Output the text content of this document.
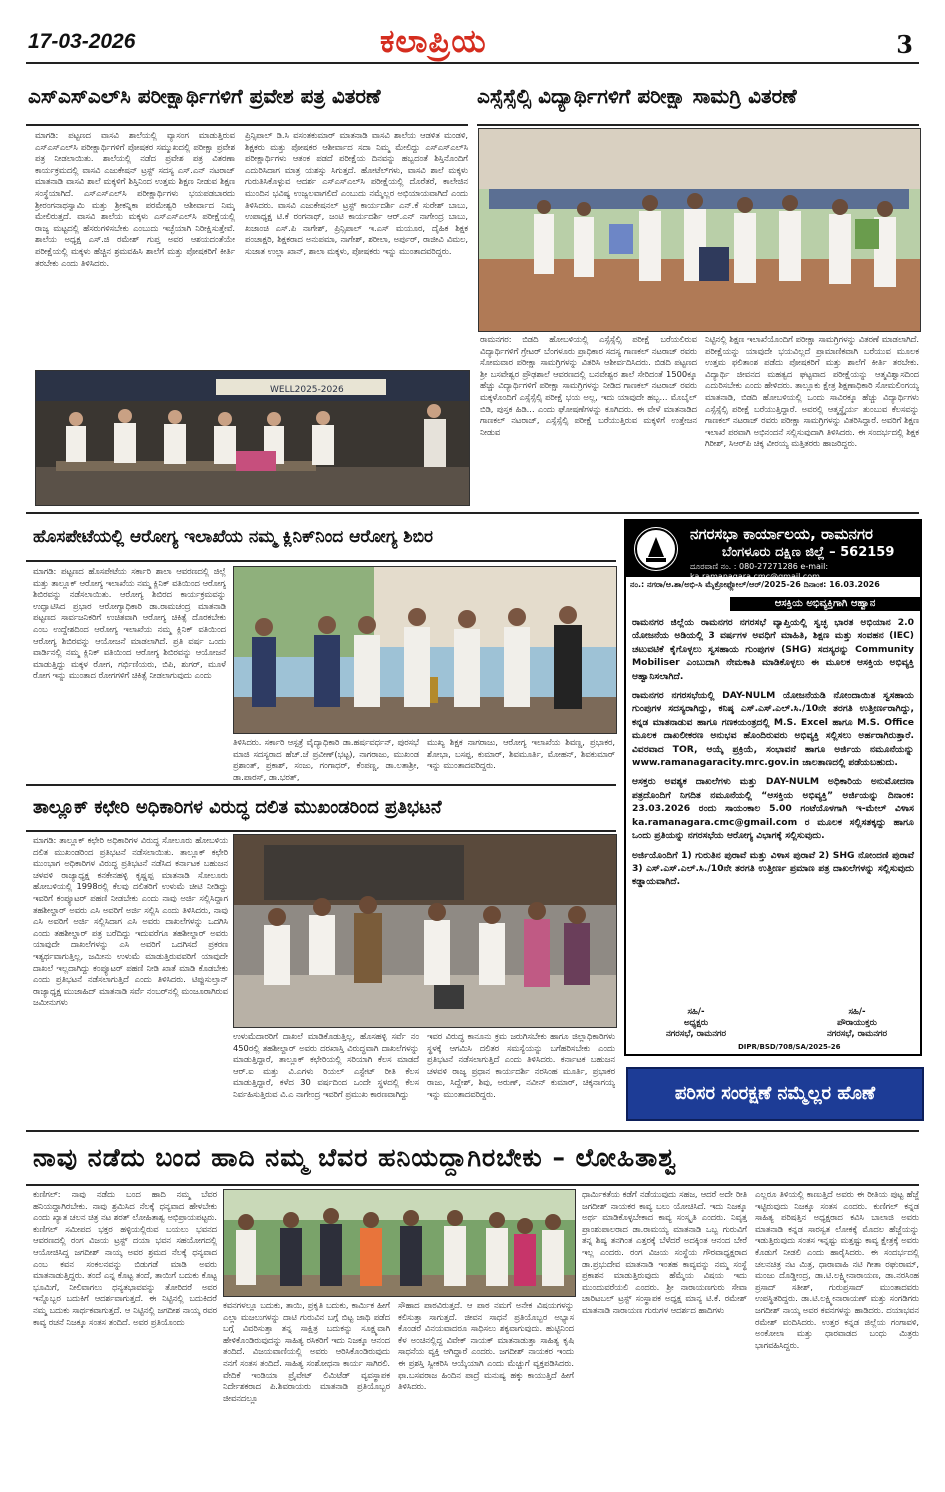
17-03-2026	ಕಲಾಪ್ರಿಯ	3
ಎಸ್‌ಎಸ್‌ಎಲ್‌ಸಿ ಪರೀಕ್ಷಾರ್ಥಿಗಳಿಗೆ ಪ್ರವೇಶ ಪತ್ರ ವಿತರಣೆ
ಮಾಗಡಿ: ಪಟ್ಟಣದ ವಾಸವಿ ಶಾಲೆಯಲ್ಲಿ ವ್ಯಾಸಂಗ ಮಾಡುತ್ತಿರುವ ಎಸ್‌ಎಸ್‌ಎಲ್‌ಸಿ ಪರೀಕ್ಷಾರ್ಥಿಗಳಿಗೆ ಪೋಷಕರ ಸಮ್ಮುಖದಲ್ಲಿ ಪರೀಕ್ಷಾ ಪ್ರವೇಶ ಪತ್ರ ನೀಡಲಾಯಿತು. ಶಾಲೆಯಲ್ಲಿ ನಡೆದ ಪ್ರವೇಶ ಪತ್ರ ವಿತರಣಾ ಕಾರ್ಯಕ್ರಮದಲ್ಲಿ ವಾಸವಿ ಎಜುಕೇಷನ್ ಟ್ರಸ್ಟ್ ಸದಸ್ಯ ಎಸ್.ಎನ್ ನಟರಾಜ್ ಮಾತನಾಡಿ ವಾಸವಿ ಶಾಲೆ ಮಕ್ಕಳಿಗೆ ಶಿಸ್ತಿನಿಂದ ಉತ್ತಮ ಶಿಕ್ಷಣ ನೀಡುವ ಶಿಕ್ಷಣ ಸಂಸ್ಥೆಯಾಗಿದೆ. ಎಸ್‌ಎಸ್‌ಎಲ್‌ಸಿ ಪರೀಕ್ಷಾರ್ಥಿಗಳು ಭಯಪಡಬಾರದು ಶ್ರೀರಂಗನಾಥಸ್ವಾಮಿ ಮತ್ತು ಶ್ರೀಕನ್ನಿಕಾ ಪರಮೇಶ್ವರಿ ಆಶೀರ್ವಾದ ನಿಮ್ಮ ಮೇಲಿರುತ್ತದೆ. ವಾಸವಿ ಶಾಲೆಯ ಮಕ್ಕಳು ಎಸ್‌ಎಸ್‌ಎಲ್‌ಸಿ ಪರೀಕ್ಷೆಯಲ್ಲಿ ರಾಜ್ಯ ಮಟ್ಟದಲ್ಲಿ ಹೆಸರುಗಳಿಸಬೇಕು ಎಂಬುದು ಇಚ್ಛೆಯಾಗಿ ನಿರೀಕ್ಷಿಸುತ್ತೇವೆ. ಶಾಲೆಯ ಅಧ್ಯಕ್ಷ ಎಸ್.ಜಿ ರಮೇಶ್ ಗುಪ್ತ ಅವರ ಆಶಯದಂತೆಯೇ ಪರೀಕ್ಷೆಯಲ್ಲಿ ಮಕ್ಕಳು ಹೆಚ್ಚಿನ ಶ್ರಮವಹಿಸಿ ಶಾಲೆಗೆ ಮತ್ತು ಪೋಷಕರಿಗೆ ಕೀರ್ತಿ ತರಬೇಕು ಎಂದು ತಿಳಿಸಿದರು.
ಪ್ರಿನ್ಸಿಪಾಲ್ ಡಿ.ಸಿ ವಸಂತಕುಮಾರ್ ಮಾತನಾಡಿ ವಾಸವಿ ಶಾಲೆಯ ಆಡಳಿತ ಮಂಡಳಿ, ಶಿಕ್ಷಕರು ಮತ್ತು ಪೋಷಕರ ಆಶೀರ್ವಾದ ಸದಾ ನಿಮ್ಮ ಮೇಲಿದ್ದು ಎಸ್‌ಎಸ್‌ಎಲ್‌ಸಿ ಪರೀಕ್ಷಾರ್ಥಿಗಳು ಆತಂಕ ಪಡದೆ ಪರೀಕ್ಷೆಯ ದಿನವನ್ನು ಹಬ್ಬದಂತೆ ಶಿಸ್ತಿನೊಂದಿಗೆ ಎದುರಿಸಿದಾಗ ಮಾತ್ರ ಯಶಸ್ಸು ಸಿಗುತ್ತದೆ. ಹೋಟೆಲ್‌ಗಳು, ವಾಸವಿ ಶಾಲೆ ಮಕ್ಕಳು ಗುರುತಿಸಿಕೊಳ್ಳುವ ಆದರ್ಶ ಎಸ್‌ಎಸ್‌ಎಲ್‌ಸಿ ಪರೀಕ್ಷೆಯಲ್ಲಿ ದೊರೆತರೆ, ಕಾಲೇಜಿನ ಮುಂದಿನ ಭವಿಷ್ಯ ಉಜ್ವಲವಾಗಲಿದೆ ಎಂಬುದು ನಮ್ಮೆಲ್ಲರ ಅಭಿಯಾಯವಾಗಿದೆ ಎಂದು ತಿಳಿಸಿದರು. ವಾಸವಿ ಎಜುಕೇಷನಲ್ ಟ್ರಸ್ಟ್ ಕಾರ್ಯದರ್ಶಿ ಎನ್.ಕೆ ಸುರೇಶ್ ಬಾಬು, ಉಪಾಧ್ಯಕ್ಷ ಟಿ.ಕೆ ರಂಗನಾಥ್, ಜಂಟಿ ಕಾರ್ಯದರ್ಶಿ ಆರ್.ಎನ್ ನಾಗೇಂದ್ರ ಬಾಬು, ಖಜಾಂಚಿ ಎಸ್.ಪಿ ನಾಗೇಶ್, ಪ್ರಿನ್ಸಿಪಾಲ್ ಇ.ಎಸ್ ಮಯೂರ, ದೈಹಿಕ ಶಿಕ್ಷಕ ಪಂಚಾಕ್ಷರಿ, ಶಿಕ್ಷಕರಾದ ಅನುಪಮಾ, ನಾಗೇಶ್, ಶರೀಲಾ, ಅರ್ಪುರ್, ರಾಜೀವಿ ವಿಮಲ, ಸುಜಾತ ಉಲ್ಲಾ ಖಾನ್, ಶಾಲಾ ಮಕ್ಕಳು, ಪೋಷಕರು ಇನ್ನು ಮುಂತಾದವರಿದ್ದರು.
WELL2025-2026
ಎಸ್ಸೆಸ್ಸೆಲ್ಸಿ ವಿದ್ಯಾರ್ಥಿಗಳಿಗೆ ಪರೀಕ್ಷಾ ಸಾಮಗ್ರಿ ವಿತರಣೆ
ರಾಮನಗರ: ಬಿಡದಿ ಹೋಬಳಿಯಲ್ಲಿ ಎಸ್ಸೆಸ್ಸೆಲ್ಸಿ ಪರೀಕ್ಷೆ ಬರೆಯಲಿರುವ ವಿದ್ಯಾರ್ಥಿಗಳಿಗೆ ಗ್ರೇಟರ್ ಬೆಂಗಳೂರು ಪ್ರಾಧಿಕಾರ ಸದಸ್ಯ ಗಾಣಕಲ್ ನಟರಾಜ್ ರವರು ಸೋಮವಾರ ಪರೀಕ್ಷಾ ಸಾಮಗ್ರಿಗಳನ್ನು ವಿತರಿಸಿ ಆಶೀರ್ವದಿಸಿದರು. ಬಿಡದಿ ಪಟ್ಟಣದ ಶ್ರೀ ಬಸವೇಶ್ವರ ಪ್ರೌಢಶಾಲೆ ಆವರಣದಲ್ಲಿ ಬನವೇಶ್ವರ ಶಾಲೆ ಸೇರಿದಂತೆ 1500ಕ್ಕೂ ಹೆಚ್ಚು ವಿದ್ಯಾರ್ಥಿಗಳಿಗೆ ಪರೀಕ್ಷಾ ಸಾಮಗ್ರಿಗಳನ್ನು ನೀಡಿದ ಗಾಣಕಲ್ ನಟರಾಜ್ ರವರು ಮಕ್ಕಳೊಂದಿಗೆ ಎಸ್ಸೆಸ್ಸೆಲ್ಸಿ ಪರೀಕ್ಷೆ ಭಯ ಅಲ್ಲ, ಇದು ಯಾವುದೇ ಹಬ್ಬ... ಮೊಬೈಲ್ ಬಿಡಿ, ಪುಸ್ತಕ ಹಿಡಿ... ಎಂದು ಘೋಷಣೆಗಳನ್ನು ಕೂಗಿದರು. ಈ ವೇಳೆ ಮಾತನಾಡಿದ ಗಾಣಕಲ್ ನಟರಾಜ್, ಎಸ್ಸೆಸ್ಸೆಲ್ಸಿ ಪರೀಕ್ಷೆ ಬರೆಯುತ್ತಿರುವ ಮಕ್ಕಳಿಗೆ ಉತ್ತೇಜನ ನೀಡುವ
ನಿಟ್ಟಿನಲ್ಲಿ ಶಿಕ್ಷಣ ಇಲಾಖೆಯೊಂದಿಗೆ ಪರೀಕ್ಷಾ ಸಾಮಗ್ರಿಗಳನ್ನು ವಿತರಣೆ ಮಾಡಲಾಗಿದೆ. ಪರೀಕ್ಷೆಯನ್ನು ಯಾವುದೇ ಭಯವಿಲ್ಲದೆ ಪ್ರಾಮಾಣಿಕವಾಗಿ ಬರೆಯುವ ಮೂಲಕ ಉತ್ತಮ ಫಲಿತಾಂಶ ಪಡೆದು ಪೋಷಕರಿಗೆ ಮತ್ತು ಶಾಲೆಗೆ ಕೀರ್ತಿ ತರಬೇಕು. ವಿದ್ಯಾರ್ಥಿ ಜೀವನದ ಮಹತ್ವದ ಘಟ್ಟವಾದ ಪರೀಕ್ಷೆಯನ್ನು ಆತ್ಮವಿಶ್ವಾಸದಿಂದ ಎದುರಿಸಬೇಕು ಎಂದು ಹೇಳಿದರು. ತಾಲ್ಲೂಕು ಕ್ಷೇತ್ರ ಶಿಕ್ಷಣಾಧಿಕಾರಿ ಸೋಮಲಿಂಗಯ್ಯ ಮಾತನಾಡಿ, ಬಿಡದಿ ಹೋಬಳಿಯಲ್ಲಿ ಒಂದು ಸಾವಿರಕ್ಕೂ ಹೆಚ್ಚು ವಿದ್ಯಾರ್ಥಿಗಳು ಎಸ್ಸೆಸ್ಸೆಲ್ಸಿ ಪರೀಕ್ಷೆ ಬರೆಯುತ್ತಿದ್ದಾರೆ. ಅವರಲ್ಲಿ ಆತ್ಮಸ್ಥೈರ್ಯ ತುಂಬುವ ಕೆಲಸವನ್ನು ಗಾಣಕಲ್ ನಟರಾಜ್ ರವರು ಪರೀಕ್ಷಾ ಸಾಮಗ್ರಿಗಳನ್ನು ವಿತರಿಸಿದ್ದಾರೆ. ಅವರಿಗೆ ಶಿಕ್ಷಣ ಇಲಾಖೆ ಪರವಾಗಿ ಅಭಿನಂದನೆ ಸಲ್ಲಿಸುವುದಾಗಿ ತಿಳಿಸಿದರು. ಈ ಸಂದರ್ಭದಲ್ಲಿ ಶಿಕ್ಷಕ ಗಿರೀಶ್, ಸಿಆರ್‌ಪಿ ಚಿಕ್ಕ ವೀರಯ್ಯ ಮತ್ತಿತರರು ಹಾಜರಿದ್ದರು.
ಹೊಸಪೇಟೆಯಲ್ಲಿ ಆರೋಗ್ಯ ಇಲಾಖೆಯ ನಮ್ಮ ಕ್ಲಿನಿಕ್‌ನಿಂದ ಆರೋಗ್ಯ ಶಿಬಿರ
ಮಾಗಡಿ: ಪಟ್ಟಣದ ಹೊಸಪೇಟೆಯ ಸರ್ಕಾರಿ ಶಾಲಾ ಆವರಣದಲ್ಲಿ ಜಿಲ್ಲೆ ಮತ್ತು ತಾಲ್ಲೂಕ್ ಆರೋಗ್ಯ ಇಲಾಖೆಯ ನಮ್ಮ ಕ್ಲಿನಿಕ್ ವತಿಯಿಂದ ಆರೋಗ್ಯ ಶಿಬಿರವನ್ನು ನಡೆಸಲಾಯಿತು. ಆರೋಗ್ಯ ಶಿಬಿರದ ಕಾರ್ಯಕ್ರಮವನ್ನು ಉದ್ಘಾಟಿಸಿದ ಪ್ರಭಾರ ಆರೋಗ್ಯಾಧಿಕಾರಿ ಡಾ.ರಾಮಚಂದ್ರ ಮಾತನಾಡಿ ಪಟ್ಟಣದ ಸಾರ್ವಜನಿಕರಿಗೆ ಉಚಿತವಾಗಿ ಆರೋಗ್ಯ ಚಿಕಿತ್ಸೆ ದೊರಕಬೇಕು ಎಂಬ ಉದ್ದೇಶದಿಂದ ಆರೋಗ್ಯ ಇಲಾಖೆಯ ನಮ್ಮ ಕ್ಲಿನಿಕ್ ವತಿಯಿಂದ ಆರೋಗ್ಯ ಶಿಬಿರವನ್ನು ಆಯೋಜನೆ ಮಾಡಲಾಗಿದೆ. ಪ್ರತಿ ವರ್ಷ ಒಂದು ವಾರ್ಡಿನಲ್ಲಿ ನಮ್ಮ ಕ್ಲಿನಿಕ್ ವತಿಯಿಂದ ಆರೋಗ್ಯ ಶಿಬಿರವನ್ನು ಆಯೋಜನೆ ಮಾಡುತ್ತಿದ್ದು ಮಕ್ಕಳ ರೋಗ, ಗರ್ಭಿಣಿಯರು, ಬಿಪಿ, ಶುಗರ್, ಮೂಳೆ ರೋಗ ಇನ್ನು ಮುಂತಾದ ರೋಗಗಳಿಗೆ ಚಿಕಿತ್ಸೆ ನೀಡಲಾಗುವುದು ಎಂದು
ತಿಳಿಸಿದರು. ಸರ್ಕಾರಿ ಆಸ್ಪತ್ರೆ ವೈದ್ಯಾಧಿಕಾರಿ ಡಾ.ಹರ್ಷವರ್ಧನ್, ಪುರಸಭೆ ಮಾಜಿ ಸದಸ್ಯರಾದ ಹೆಚ್.ಜೆ ಪ್ರವೀಣ್(ಭಟ್ಟ), ನಾಗರಾಜು, ಮುಖಂಡ ಪ್ರಶಾಂತ್, ಪ್ರಕಾಶ್, ಸಂಜು, ಗಂಗಾಧರ್, ಕೆಂಪಣ್ಣ, ಡಾ.ಲತಾಶ್ರೀ, ಡಾ.ಪಾರಸ್, ಡಾ.ಭರತ್,
ಮುಖ್ಯ ಶಿಕ್ಷಕ ನಾಗರಾಜು, ಆರೋಗ್ಯ ಇಲಾಖೆಯ ಶಿವಣ್ಣ, ಪ್ರಭಾಕರ, ಶೋಭಾ, ಬಸಪ್ಪ, ಕುಮಾರ್, ಶಿವಮೂರ್ತಿ, ಮೋಹನ್, ಶಿವಕುಮಾರ್ ಇನ್ನು ಮುಂತಾದವರಿದ್ದರು.
ನಗರಸಭಾ ಕಾರ್ಯಾಲಯ, ರಾಮನಗರ
ಬೆಂಗಳೂರು ದಕ್ಷಿಣ ಜಿಲ್ಲೆ – 562159
ದೂರವಾಣಿ ನಂ. : 080-27271286 e-mail: ka.ramanagara.cmc@gmail.com
ನಂ.: ನಗರಾ/ಆ.ಶಾ/ಅಭಿ-ಸಿ ಮೈಕ್ರೋಫ್ಲೋಲ್/ಆರ್/2025-26 ದಿನಾಂಕ: 16.03.2026
ಆಸಕ್ತಿಯ ಅಭಿವ್ಯಕ್ತಿಗಾಗಿ ಆಹ್ವಾನ

ರಾಮನಗರ ಜಿಲ್ಲೆಯ ರಾಮನಗರ ನಗರಸಭೆ ವ್ಯಾಪ್ತಿಯಲ್ಲಿ ಸ್ವಚ್ಛ ಭಾರತ ಅಭಿಯಾನ 2.0 ಯೋಜನೆಯ ಅಡಿಯಲ್ಲಿ 3 ವರ್ಷಗಳ ಅವಧಿಗೆ ಮಾಹಿತಿ, ಶಿಕ್ಷಣ ಮತ್ತು ಸಂವಹನ (IEC) ಚಟುವಟಿಕೆ ಕೈಗೊಳ್ಳಲು ಸ್ವಸಹಾಯ ಗುಂಪುಗಳ (SHG) ಸದಸ್ಯರನ್ನು Community Mobiliser ಎಂಬುದಾಗಿ ನೇಮಕಾತಿ ಮಾಡಿಕೊಳ್ಳಲು ಈ ಮೂಲಕ ಆಸಕ್ತಿಯ ಅಭಿವ್ಯಕ್ತಿ ಆಹ್ವಾನಿಸಲಾಗಿದೆ.

ರಾಮನಗರ ನಗರಸಭೆಯಲ್ಲಿ DAY-NULM ಯೋಜನೆಯಡಿ ನೋಂದಾಯಿತ ಸ್ವಸಹಾಯ ಗುಂಪುಗಳ ಸದಸ್ಯರಾಗಿದ್ದು, ಕನಿಷ್ಠ ಎಸ್.ಎಸ್.ಎಲ್.ಸಿ./10ನೇ ತರಗತಿ ಉತ್ತೀರ್ಣರಾಗಿದ್ದು, ಕನ್ನಡ ಮಾತನಾಡುವ ಹಾಗೂ ಗಣಕಯಂತ್ರದಲ್ಲಿ M.S. Excel ಹಾಗೂ M.S. Office ಮೂಲಕ ದಾಖಲೀಕರಣ ಅನುಭವ ಹೊಂದಿರುವರು ಅಭಿವ್ಯಕ್ತಿ ಸಲ್ಲಿಸಲು ಅರ್ಹರಾಗಿರುತ್ತಾರೆ. ವಿವರವಾದ TOR, ಆಯ್ಕೆ ಪ್ರಕ್ರಿಯೆ, ಸಂಭಾವನೆ ಹಾಗೂ ಅರ್ಜಿಯ ನಮೂನೆಯನ್ನು www.ramanagaracity.mrc.gov.in ಜಾಲತಾಣದಲ್ಲಿ ಪಡೆಯಬಹುದು.

ಆಸಕ್ತರು ಅವಶ್ಯಕ ದಾಖಲೆಗಳು ಮತ್ತು DAY-NULM ಅಧಿಕಾರಿಯ ಅನುಮೋದನಾ ಪತ್ರದೊಂದಿಗೆ ನಿಗದಿತ ನಮೂನೆಯಲ್ಲಿ “ಆಸಕ್ತಿಯ ಅಭಿವ್ಯಕ್ತಿ” ಅರ್ಜಿಯನ್ನು ದಿನಾಂಕ: 23.03.2026 ರಂದು ಸಾಯಂಕಾಲ 5.00 ಗಂಟೆಯೊಳಗಾಗಿ ಇ-ಮೇಲ್ ವಿಳಾಸ ka.ramanagara.cmc@gmail.com ರ ಮೂಲಕ ಸಲ್ಲಿಸತಕ್ಕದ್ದು ಹಾಗೂ ಒಂದು ಪ್ರತಿಯನ್ನು ನಗರಸಭೆಯ ಆರೋಗ್ಯ ವಿಭಾಗಕ್ಕೆ ಸಲ್ಲಿಸುವುದು.

ಅರ್ಜಿಯೊಂದಿಗೆ 1) ಗುರುತಿನ ಪುರಾವೆ ಮತ್ತು ವಿಳಾಸ ಪುರಾವೆ 2) SHG ನೋಂದಣಿ ಪುರಾವೆ 3) ಎಸ್.ಎಸ್.ಎಲ್.ಸಿ./10ನೇ ತರಗತಿ ಉತ್ತೀರ್ಣ ಪ್ರಮಾಣ ಪತ್ರ ದಾಖಲೆಗಳನ್ನು ಸಲ್ಲಿಸುವುದು ಕಡ್ಡಾಯವಾಗಿದೆ.

ಸಹಿ/-
ಅಧ್ಯಕ್ಷರು
ನಗರಸಭೆ, ರಾಮನಗರ
ಸಹಿ/-
ಪೌರಾಯುಕ್ತರು
ನಗರಸಭೆ, ರಾಮನಗರ
DIPR/BSD/708/SA/2025-26
ತಾಲ್ಲೂಕ್ ಕಛೇರಿ ಅಧಿಕಾರಿಗಳ ವಿರುದ್ಧ ದಲಿತ ಮುಖಂಡರಿಂದ ಪ್ರತಿಭಟನೆ
ಮಾಗಡಿ: ತಾಲ್ಲೂಕ್ ಕಛೇರಿ ಅಧಿಕಾರಿಗಳ ವಿರುದ್ಧ ಸೋಲೂರು ಹೋಬಳಿಯ ದಲಿತ ಮುಖಂಡರಿಂದ ಪ್ರತಿಭಟನೆ ನಡೆಸಲಾಯಿತು. ತಾಲ್ಲೂಕ್ ಕಛೇರಿ ಮುಂಭಾಗ ಅಧಿಕಾರಿಗಳ ವಿರುದ್ಧ ಪ್ರತಿಭಟನೆ ನಡೆಸಿದ ಕರ್ನಾಟಕ ಬಹುಜನ ಚಳವಳಿ ರಾಜ್ಯಾಧ್ಯಕ್ಷ ಕನಕೇನಹಳ್ಳಿ ಕೃಷ್ಣಪ್ಪ ಮಾತನಾಡಿ ಸೋಲೂರು ಹೋಬಳಿಯಲ್ಲಿ 1998ರಲ್ಲಿ ಕೆಲವು ದಲಿತರಿಗೆ ಉಳುಮೆ ಚೀಟಿ ನೀಡಿದ್ದು ಇವರಿಗೆ ಕಂಪ್ಯೂಟರ್ ಪಹಣಿ ನೀಡಬೇಕು ಎಂದು ನಾವು ಅರ್ಜಿ ಸಲ್ಲಿಸಿದ್ದಾಗ ತಹಶೀಲ್ದಾರ್ ಅವರು ಎಸಿ ಅವರಿಗೆ ಅರ್ಜಿ ಸಲ್ಲಿಸಿ ಎಂದು ತಿಳಿಸಿದರು, ನಾವು ಎಸಿ ಅವರಿಗೆ ಅರ್ಜಿ ಸಲ್ಲಿಸಿದಾಗ ಎಸಿ ಅವರು ದಾಖಲೆಗಳನ್ನು ಒದಗಿಸಿ ಎಂದು ತಹಶೀಲ್ದಾರ್ ಪತ್ರ ಬರೆದಿದ್ದು ಇದುವರೆಗೂ ತಹಶೀಲ್ದಾರ್ ಅವರು ಯಾವುದೇ ದಾಖಲೆಗಳನ್ನು ಎಸಿ ಅವರಿಗೆ ಒದಗಿಸದೆ ಪ್ರಕರಣ ಇತ್ಯರ್ಥವಾಗುತ್ತಿಲ್ಲ, ಜಮೀನು ಉಳುಮೆ ಮಾಡುತ್ತಿರುವವರಿಗೆ ಯಾವುದೇ ದಾಖಲೆ ಇಲ್ಲದಾಗಿದ್ದು ಕಂಪ್ಯೂಟರ್ ಪಹಣಿ ನೀಡಿ ಖಾತೆ ಮಾಡಿ ಕೊಡಬೇಕು ಎಂದು ಪ್ರತಿಭಟನೆ ನಡೆಸಲಾಗುತ್ತಿದೆ ಎಂದು ತಿಳಿಸಿದರು. ಟಿಪ್ಪುಸುಲ್ತಾನ್ ರಾಜ್ಯಾಧ್ಯಕ್ಷ ಮುಜಾಹಿದ್ ಮಾತನಾಡಿ ಸರ್ವೆ ನಂಬರ್‌ನಲ್ಲಿ ಮಂಜೂರಾಗಿರುವ ಜಮೀನುಗಳು
ಉಳುಮೆದಾರರಿಗೆ ದಾಖಲೆ ಮಾಡಿಕೊಡುತ್ತಿಲ್ಲ, ಹೊಸಹಳ್ಳಿ ಸರ್ವೆ ನಂ 450ರಲ್ಲಿ ತಹಶೀಲ್ದಾರ್ ಅವರು ದರಖಾಸ್ತಿ ವಿರುದ್ಧವಾಗಿ ದಾಖಲೆಗಳನ್ನು ಮಾಡುತ್ತಿದ್ದಾರೆ, ತಾಲ್ಲೂಕ್ ಕಛೇರಿಯಲ್ಲಿ ಸರಿಯಾಗಿ ಕೆಲಸ ಮಾಡದೆ ಆರ್.ಐ ಮತ್ತು ವಿ.ಎಗಳು ರಿಯಲ್ ಎಸ್ಟೇಟ್ ರೀತಿ ಕೆಲಸ ಮಾಡುತ್ತಿದ್ದಾರೆ, ಕಳೆದ 30 ವರ್ಷದಿಂದ ಒಂದೇ ಸ್ಥಳದಲ್ಲಿ ಕೆಲಸ ನಿರ್ವಹಿಸುತ್ತಿರುವ ವಿ.ಎ ನಾಗೇಂದ್ರ ಇವರಿಗೆ ಪ್ರಮುಖ ಕಾರಣವಾಗಿದ್ದು
ಇವರ ವಿರುದ್ಧ ಕಾನೂನು ಕ್ರಮ ಜರುಗಿಸಬೇಕು ಹಾಗೂ ಜಿಲ್ಲಾಧಿಕಾರಿಗಳು ಸ್ಥಳಕ್ಕೆ ಆಗಮಿಸಿ ದಲಿತರ ಸಮಸ್ಯೆಯನ್ನು ಬಗೆಹರಿಸಬೇಕು ಎಂದು ಪ್ರತಿಭಟನೆ ನಡೆಸಲಾಗುತ್ತಿದೆ ಎಂದು ತಿಳಿಸಿದರು. ಕರ್ನಾಟಕ ಬಹುಜನ ಚಳವಳಿ ರಾಜ್ಯ ಪ್ರಧಾನ ಕಾರ್ಯದರ್ಶಿ ನರಸಿಂಹ ಮೂರ್ತಿ, ಪ್ರಭಾಕರ ರಾಜು, ಸಿದ್ದೇಶ್, ಶಿವು, ಅರುಣ್, ನವೀನ್ ಕುಮಾರ್, ಚಿಕ್ಕನಾಗಯ್ಯ ಇನ್ನು ಮುಂತಾದವರಿದ್ದರು.	ಪರಿಸರ ಸಂರಕ್ಷಣೆ ನಮ್ಮೆಲ್ಲರ ಹೊಣೆ
ನಾವು ನಡೆದು ಬಂದ ಹಾದಿ ನಮ್ಮ ಬೆವರ ಹನಿಯದ್ದಾಗಿರಬೇಕು – ಲೋಹಿತಾಶ್ವ
ಕುಣಿಗಲ್: ನಾವು ನಡೆದು ಬಂದ ಹಾದಿ ನಮ್ಮ ಬೆವರ ಹನಿಯದ್ದಾಗಿರಬೇಕು. ನಾವು ಶ್ರಮಿಸಿದ ನೆಲಕ್ಕೆ ಧನ್ಯವಾದ ಹೇಳಬೇಕು ಎಂದು ಖ್ಯಾತ ಚಲನ ಚಿತ್ರ ನಟ ಶರತ್ ಲೋಹಿತಾಶ್ವ ಅಭಿಪ್ರಾಯಪಟ್ಟರು. ಕುಣಿಗಲ್ ಸಮೀಪದ ಭಕ್ತರ ಹಳ್ಳಿಯಲ್ಲಿರುವ ಬಯಲು ಭವನದ ಆವರಣದಲ್ಲಿ ರಂಗ ವಿಜಯ ಟ್ರಸ್ಟ್ ದಯಾ ಭವನ ಸಹಯೋಗದಲ್ಲಿ ಆಯೋಜಿಸಿದ್ದ ಜಗದೀಶ್ ನಾಯ್ಕ ಅವರ ಶ್ರಮದ ನೆಲಕ್ಕೆ ಧನ್ಯವಾದ ಎಂಬ ಕವನ ಸಂಕಲನವನ್ನು ಬಿಡುಗಡೆ ಮಾಡಿ ಅವರು ಮಾತನಾಡುತ್ತಿದ್ದರು. ತಂದೆ ಎನ್ನ ಕೊಟ್ಟ ತಂದೆ, ತಾಯಿಗೆ ಬದುಕು ಕೊಟ್ಟ ಭೂಮಿಗೆ, ನೀಲಿವಾಗಲು ಧನ್ಯತಭಾವವನ್ನು ತೋರಿದರೆ ಅವರ ಇನ್ನೊಬ್ಬರ ಬದುಕಿಗೆ ಆದರ್ಶವಾಗುತ್ತದೆ. ಈ ನಿಟ್ಟಿನಲ್ಲಿ ಬದುಕಿದರೆ ನಮ್ಮ ಬದುಕು ಸಾರ್ಥಕವಾಗುತ್ತದೆ. ಆ ನಿಟ್ಟಿನಲ್ಲಿ ಜಗದೀಶ ನಾಯ್ಕ ರವರ ಕಾವ್ಯ ರಚನೆ ನಿಜಕ್ಕೂ ಸಂತಸ ತಂದಿದೆ. ಅವರ ಪ್ರತಿಯೊಂದು
ಕವನಗಳಲ್ಲೂ ಬದುಕು, ತಾಯಿ, ಪ್ರಕೃತಿ ಬದುಕು, ಕಾರ್ಮಿಕ ಹೀಗೆ ಎಲ್ಲಾ ಮಜಲುಗಳನ್ನು ದಾಟಿ ಗುರುವಿನ ಬಗ್ಗೆ ಬಿಟ್ಟ ಜಾಥಿ ಪಡೆದ ಬಗ್ಗೆ ವಿವರಿಸುತ್ತಾ ತನ್ನ ಸಾಕ್ಷಿತ್ರ ಬದುಕನ್ನು ಸೂಕ್ಷ್ಮವಾಗಿ ಹೇಳಿಕೊಂಡಿರುವುದನ್ನು ಸಾಹಿತ್ಯ ರಸಿಕರಿಗೆ ಇದು ನಿಜಕ್ಕೂ ಆನಂದ ತಂದಿದೆ. ವಿಜಯವಾಣಿಯಲ್ಲಿ ಅವರು ಆರಿಸಿಕೊಂಡಿರುವುದು ನನಗೆ ಸಂತಸ ತಂದಿದೆ. ಸಾಹಿತ್ಯ ಸಂಶೋಧನಾ ಕಾರ್ಯ ಸಾಗಿರಲಿ. ವೇದಿಕೆ ಇಂಡಿಯಾ ಪ್ರೈವೇಟ್ ಲಿಮಿಟೆಡ್ ವ್ಯವಸ್ಥಾಪಕ ನಿರ್ದೇಶಕರಾದ ಪಿ.ಶಿವರಾಯರು ಮಾತನಾಡಿ ಪ್ರತಿಯೊಬ್ಬರ ಜೀವನದಲ್ಲೂ
ಸೌಹಾದ ಪಾಠವಿರುತ್ತದೆ. ಆ ಪಾಠ ನಮಗೆ ಅನೇಕ ವಿಷಯಗಳನ್ನು ಕಲಿಸುತ್ತಾ ಸಾಗುತ್ತದೆ. ಜೀವನ ಸಾಧನೆ ಪ್ರತಿಯೊಬ್ಬರ ಅಭ್ಯಾಸ ಕೊಂಡರೆ ವಿನಯವಾದರೂ ಸಾಧಿಸಲು ಶಕ್ಯವಾಗುವುದು. ಹುಟ್ಟಿನಿಂದ ಕೆಳ ಅಂಚಿನಲ್ಲಿದ್ದ ವಿವೇಕ್ ನಾಯಕ್ ಮಾತನಾಡುತ್ತಾ ಸಾಹಿತ್ಯ ಕೃಷಿ ಸಾಧನೆಯ ವ್ಯಕ್ತಿ ಆಗಿದ್ದಾರೆ ಎಂದರು. ಜಗದೀಶ್ ನಾಯಕರ ಇಂದು ಈ ಪ್ರಶಸ್ತಿ ಸ್ವೀಕರಿಸಿ ಆಯ್ಕೆಯಾಗಿ ಎಂದು ಮೆಚ್ಚುಗೆ ವ್ಯಕ್ತಪಡಿಸಿದರು. ಫಾ.ಬಸವರಾಜ ಹಿಂದಿನ ಪಾದ್ರೆ ಮನುಷ್ಯ ಹಕ್ಕು ಕಾಯುತ್ತಿದೆ ಹೀಗೆ ತಿಳಿಸಿದರು.
ಧಾರ್ಮಿಕತೆಯ ಕಡೆಗೆ ನಡೆಯುವುದು ಸಹಜ, ಆದರೆ ಅದೇ ರೀತಿ ಜಗದೀಶ್ ನಾಯಕರ ಕಾವ್ಯ ಬಲು ಯೋಚಿಸಿದೆ. ಇದು ನಿಜಕ್ಕೂ ಅರ್ಥ ಮಾಡಿಕೊಳ್ಳಬೇಕಾದ ಕಾವ್ಯ ಸಂಸ್ಕೃತಿ ಎಂದರು. ನಿವೃತ್ತ ಪ್ರಾಂಶುಪಾಲರಾದ ಡಾ.ರಾಮಯ್ಯ ಮಾತನಾಡಿ ಒಬ್ಬ ಗುರುವಿಗೆ ತನ್ನ ಶಿಷ್ಯ ತನಗಿಂತ ಎತ್ತರಕ್ಕೆ ಬೆಳೆದರೆ ಅದಕ್ಕಿಂತ ಆನಂದ ಬೇರೆ ಇಲ್ಲ ಎಂದರು. ರಂಗ ವಿಜಯ ಸಂಸ್ಥೆಯ ಗೌರವಾಧ್ಯಕ್ಷರಾದ ಡಾ.ಪ್ರಭುದೇವ ಮಾತನಾಡಿ ಇಂತಹ ಕಾವ್ಯವನ್ನು ನಮ್ಮ ಸಂಸ್ಥೆ ಪ್ರಕಾಶನ ಮಾಡುತ್ತಿರುವುದು ಹೆಮ್ಮೆಯ ವಿಷಯ ಇದು ಮುಂದುವರೆಯಲಿ ಎಂದರು. ಶ್ರೀ ನಾರಾಯಣಗುರು ಸೇವಾ ಚಾರಿಟಬಲ್ ಟ್ರಸ್ಟ್ ಸಂಸ್ಥಾಪಕ ಅಧ್ಯಕ್ಷ ಮಾನ್ಯ ಟಿ.ಕೆ. ರಮೇಶ್ ಮಾತನಾಡಿ ನಾರಾಯಣ ಗುರುಗಳ ಆದರ್ಶದ ಹಾದಿಗಳು
ಎಲ್ಲರೂ ತಿಳಿಯಲ್ಲಿ ಕಾಣುತ್ತಿದೆ ಅವರು ಈ ರೀತಿಯ ಪುಟ್ಟ ಹೆಜ್ಜೆ ಇಟ್ಟಿರುವುದು ನಿಜಕ್ಕೂ ಸಂತಸ ಎಂದರು. ಕುಣಿಗಲ್ ಕನ್ನಡ ಸಾಹಿತ್ಯ ಪರಿಷತ್ತಿನ ಅಧ್ಯಕ್ಷರಾದ ಕವಿಸಿ ಬಾಲಾಜಿ ಅವರು ಮಾತನಾಡಿ ಕನ್ನಡ ಸಾರಸ್ವತ ಲೋಕಕ್ಕೆ ಮೊದಲ ಹೆಜ್ಜೆಯನ್ನು ಇಡುತ್ತಿರುವುದು ಸಂತಸ ಇನ್ನಷ್ಟು ಮತ್ತಷ್ಟು ಕಾವ್ಯ ಕ್ಷೇತ್ರಕ್ಕೆ ಅವರು ಕೊಡುಗೆ ನೀಡಲಿ ಎಂದು ಹಾರೈಸಿದರು. ಈ ಸಂದರ್ಭದಲ್ಲಿ ಚಲನಚಿತ್ರ ನಟ ಮಿತ್ರ, ಧಾರಾವಾಹಿ ನಟಿ ಗೀತಾ ರಘುರಾಮ್, ಮಂಜು ದೊಡ್ಡೀಂದ್ರ, ಡಾ.ಟಿ.ಲಕ್ಷ್ಮೀನಾರಾಯಣ, ಡಾ.ನರಸಿಂಹ ಪ್ರಸಾದ್ ಸತೀಶ್, ಗುರುಪ್ರಸಾದ್ ಮುಂತಾದವರು ಉಪಸ್ಥಿತರಿದ್ದರು. ಡಾ.ಟಿ.ಲಕ್ಷ್ಮೀನಾರಾಯಣ್ ಮತ್ತು ಸಂಗಡಿಗರು ಜಗದೀಶ್ ನಾಯ್ಕ ಅವರ ಕವನಗಳನ್ನು ಹಾಡಿದರು. ದಯಾಭವನ ರಮೇಶ್ ವಂದಿಸಿದರು. ಉತ್ತರ ಕನ್ನಡ ಜಿಲ್ಲೆಯ ಗಂಗಾವಳಿ, ಅಂಕೋಲಾ ಮತ್ತು ಧಾರವಾಡದ ಬಂಧು ಮಿತ್ರರು ಭಾಗವಹಿಸಿದ್ದರು.
